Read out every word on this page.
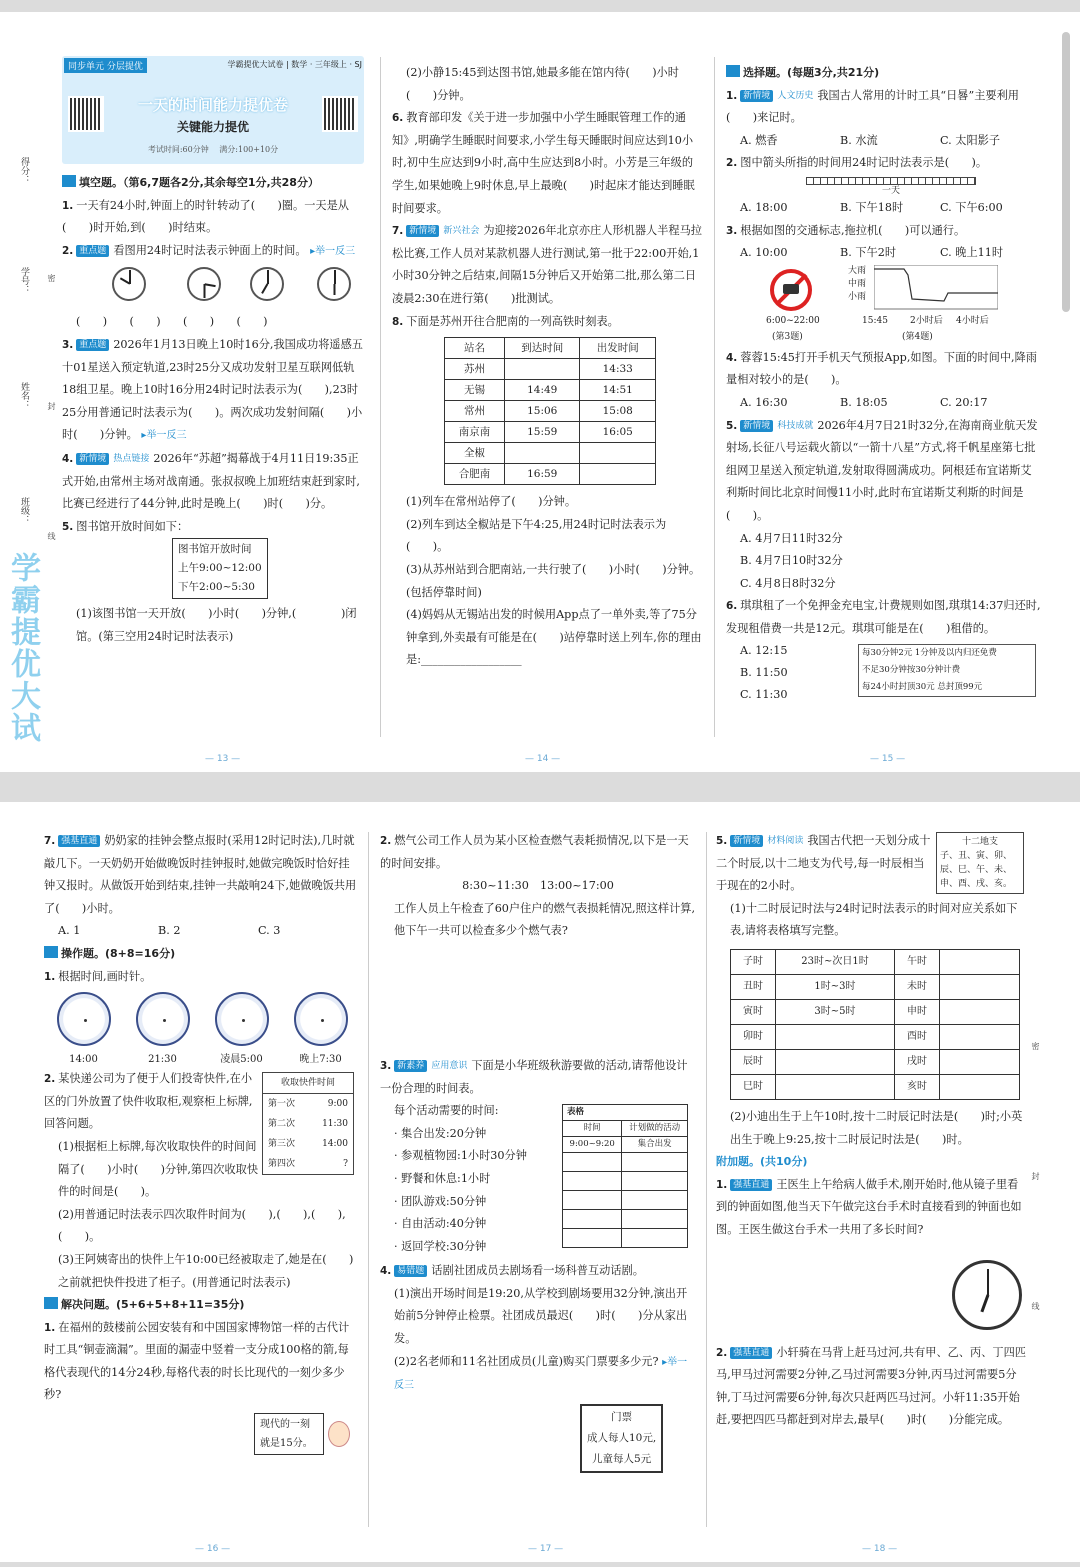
得分：
学号：
姓名：
班级：
密
封
线
学霸提优大试
同步单元 分层提优	学霸提优大试卷 | 数学 · 三年级上 · SJ
一天的时间能力提优卷
关键能力提优
考试时间:60分钟　 满分:100+10分
填空题。（第6,7题各2分,其余每空1分,共28分）
1. 一天有24小时,钟面上的时针转动了(　　)圈。一天是从(　　)时开始,到(　　)时结束。
2. 重点题 看图用24时记时法表示钟面上的时间。 ▸举一反三
(　　)　　(　　)　　(　　)　　(　　)
3. 重点题 2026年1月13日晚上10时16分,我国成功将遥感五十01星送入预定轨道,23时25分又成功发射卫星互联网低轨18组卫星。晚上10时16分用24时记时法表示为(　　),23时25分用普通记时法表示为(　　)。两次成功发射间隔(　　)小时(　　)分钟。 ▸举一反三
4. 新情境 热点链接 2026年“苏超”揭幕战于4月11日19:35正式开始,由常州主场对战南通。张叔叔晚上加班结束赶到家时,比赛已经进行了44分钟,此时是晚上(　　)时(　　)分。
5. 图书馆开放时间如下：
图书馆开放时间
上午9:00~12:00
下午2:00~5:30
(1)该图书馆一天开放(　　)小时(　　)分钟,(　　　　)闭馆。(第三空用24时记时法表示)
— 13 —
(2)小静15:45到达图书馆,她最多能在馆内待(　　)小时(　　)分钟。
6. 教育部印发《关于进一步加强中小学生睡眠管理工作的通知》,明确学生睡眠时间要求,小学生每天睡眠时间应达到10小时,初中生应达到9小时,高中生应达到8小时。小芳是三年级的学生,如果她晚上9时休息,早上最晚(　　)时起床才能达到睡眠时间要求。
7. 新情境 新兴社会 为迎接2026年北京亦庄人形机器人半程马拉松比赛,工作人员对某款机器人进行测试,第一批于22:00开始,1小时30分钟之后结束,间隔15分钟后又开始第二批,那么第二日凌晨2:30在进行第(　　)批测试。
8. 下面是苏州开往合肥南的一列高铁时刻表。
站名	到达时间	出发时间
苏州		14:33
无锡	14:49	14:51
常州	15:06	15:08
南京南	15:59	16:05
全椒		
合肥南	16:59	
(1)列车在常州站停了(　　)分钟。
(2)列车到达全椒站是下午4:25,用24时记时法表示为(　　)。
(3)从苏州站到合肥南站,一共行驶了(　　)小时(　　)分钟。(包括停靠时间)
(4)妈妈从无锡站出发的时候用App点了一单外卖,等了75分钟拿到,外卖最有可能是在(　　)站停靠时送上列车,你的理由是:__________________
— 14 —
选择题。(每题3分,共21分)
1. 新情境 人文历史 我国古人常用的计时工具“日晷”主要利用(　　)来记时。
A. 燃香	B. 水流	C. 太阳影子
2. 图中箭头所指的时间用24时记时法表示是(　　)。
一天
A. 18:00	B. 下午18时	C. 下午6:00
3. 根据如图的交通标志,拖拉机(　　)可以通行。
A. 10:00	B. 下午2时	C. 晚上11时
6:00~22:00
(第3题)
大雨
中雨
小雨
15:45 2小时后 4小时后
(第4题)
4. 蓉蓉15:45打开手机天气预报App,如图。下面的时间中,降雨量相对较小的是(　　)。
A. 16:30	B. 18:05	C. 20:17
5. 新情境 科技成就 2026年4月7日21时32分,在海南商业航天发射场,长征八号运载火箭以“一箭十八星”方式,将千帆星座第七批组网卫星送入预定轨道,发射取得圆满成功。阿根廷布宜诺斯艾利斯时间比北京时间慢11小时,此时布宜诺斯艾利斯的时间是(　　)。
A. 4月7日11时32分
B. 4月7日10时32分
C. 4月8日8时32分
6. 琪琪租了一个免押金充电宝,计费规则如图,琪琪14:37归还时,发现租借费一共是12元。琪琪可能是在(　　)租借的。
A. 12:15
B. 11:50
C. 11:30
每30分钟2元 1分钟及以内归还免费
不足30分钟按30分钟计费
每24小时封顶30元 总封顶99元
— 15 —
7. 强基直通 奶奶家的挂钟会整点报时(采用12时记时法),几时就敲几下。一天奶奶开始做晚饭时挂钟报时,她做完晚饭时恰好挂钟又报时。从做饭开始到结束,挂钟一共敲响24下,她做晚饭共用了(　　)小时。
A. 1	B. 2	C. 3
操作题。(8+8=16分)
1. 根据时间,画时针。
14:00	21:30	凌晨5:00	晚上7:30
2. 某快递公司为了便于人们投寄快件,在小区的门外放置了快件收取柜,观察柜上标牌,回答问题。
收取快件时间
第一次	9:00
第二次	11:30
第三次	14:00
第四次	?
(1)根据柜上标牌,每次收取快件的时间间隔了(　　)小时(　　)分钟,第四次收取快件的时间是(　　)。
(2)用普通记时法表示四次取件时间为(　　),(　　),(　　),(　　)。
(3)王阿姨寄出的快件上午10:00已经被取走了,她是在(　　)之前就把快件投进了柜子。(用普通记时法表示)
解决问题。(5+6+5+8+11=35分)
1. 在福州的鼓楼前公园安装有和中国国家博物馆一样的古代计时工具“铜壶滴漏”。里面的漏壶中竖着一支分成100格的箭,每格代表现代的14分24秒,每格代表的时长比现代的一刻少多少秒?
现代的一刻就是15分。
— 16 —
2. 燃气公司工作人员为某小区检查燃气表耗损情况,以下是一天的时间安排。
8:30~11:30　13:00~17:00
工作人员上午检查了60户住户的燃气表损耗情况,照这样计算,他下午一共可以检查多少个燃气表?
3. 新素养 应用意识 下面是小华班级秋游要做的活动,请帮他设计一份合理的时间表。
每个活动需要的时间:
· 集合出发:20分钟
· 参观植物园:1小时30分钟
· 野餐和休息:1小时
· 团队游戏:50分钟
· 自由活动:40分钟
· 返回学校:30分钟
表格	
时间	计划做的活动
9:00~9:20	集合出发

4. 易错题 话剧社团成员去剧场看一场科普互动话剧。
(1)演出开场时间是19:20,从学校到剧场要用32分钟,演出开始前5分钟停止检票。社团成员最迟(　　)时(　　)分从家出发。
(2)2名老师和11名社团成员(儿童)购买门票要多少元? ▸举一反三
门票
成人每人10元,
儿童每人5元
— 17 —
5. 新情境 材料阅读 我国古代把一天划分成十二个时辰,以十二地支为代号,每一时辰相当于现在的2小时。
十二地支
子、丑、寅、卯、辰、巳、午、未、申、酉、戌、亥。
(1)十二时辰记时法与24时记时法表示的时间对应关系如下表,请将表格填写完整。
子时	23时~次日1时	午时	
丑时	1时~3时	未时	
寅时	3时~5时	申时	
卯时		酉时	
辰时		戌时	
巳时		亥时	
(2)小迪出生于上午10时,按十二时辰记时法是(　　)时;小英出生于晚上9:25,按十二时辰记时法是(　　)时。
附加题。(共10分)
1. 强基直通 王医生上午给病人做手术,刚开始时,他从镜子里看到的钟面如图,他当天下午做完这台手术时直接看到的钟面也如图。王医生做这台手术一共用了多长时间?
2. 强基直通 小轩骑在马背上赶马过河,共有甲、乙、丙、丁四匹马,甲马过河需要2分钟,乙马过河需要3分钟,丙马过河需要5分钟,丁马过河需要6分钟,每次只赶两匹马过河。小轩11:35开始赶,要把四匹马都赶到对岸去,最早(　　)时(　　)分能完成。
密
封
线
— 18 —
